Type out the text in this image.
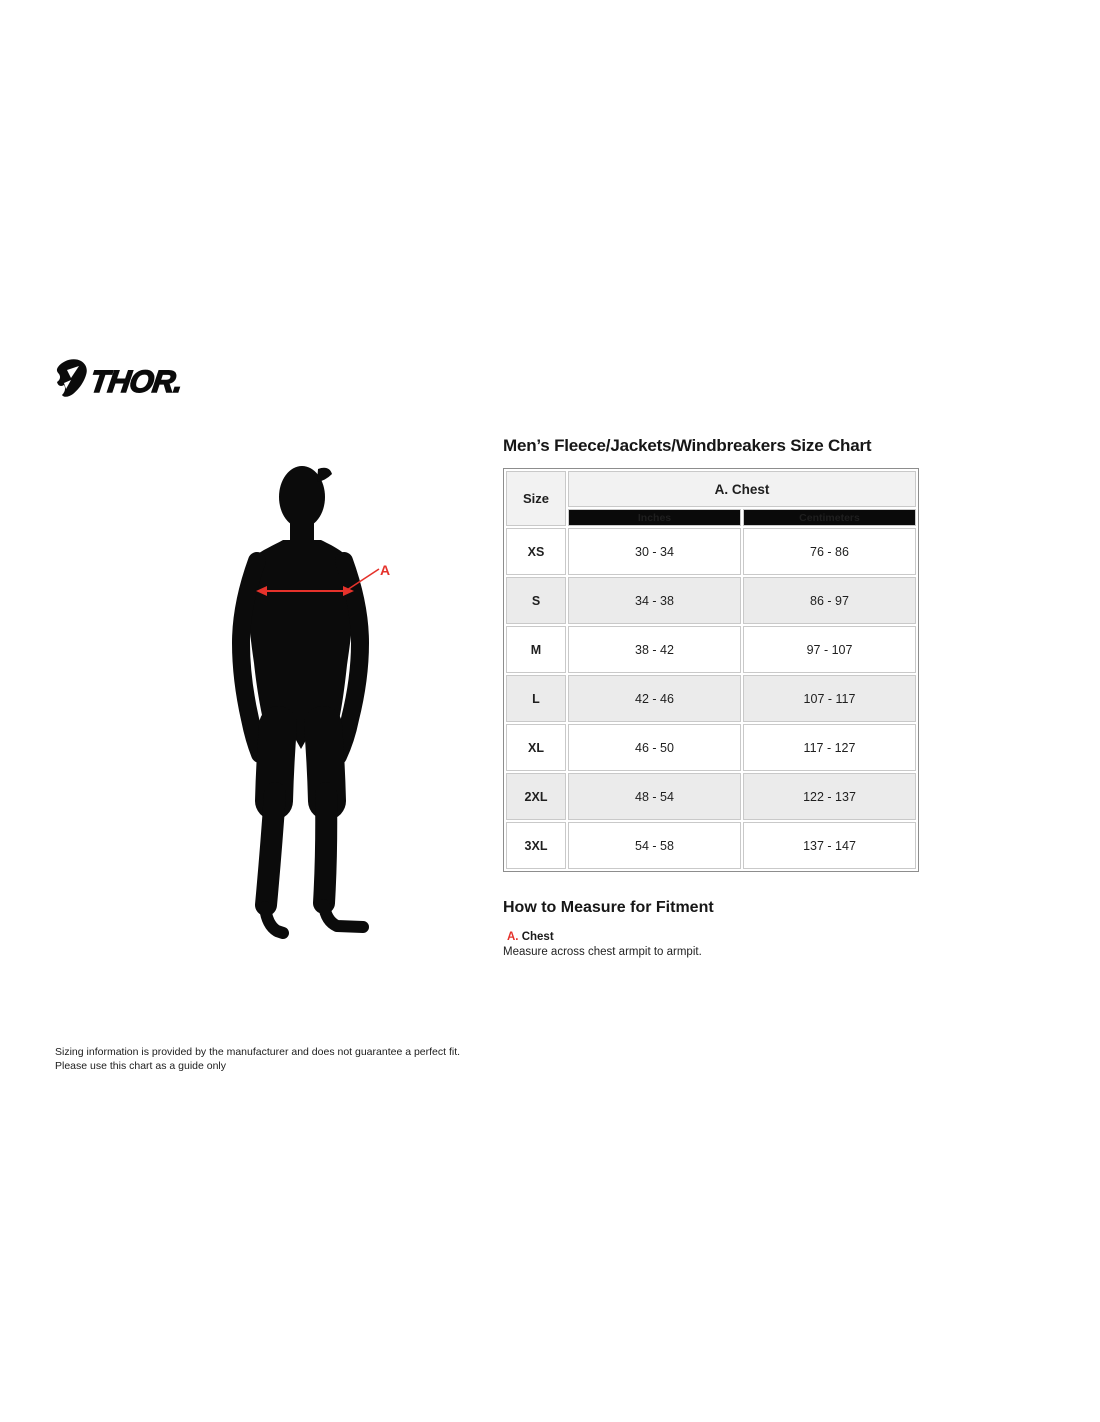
THOR.
A
Men’s Fleece/Jackets/Windbreakers Size Chart
Size	A. Chest	
	Inches	Centimeters
XS	30 - 34	76 - 86
S	34 - 38	86 - 97
M	38 - 42	97 - 107
L	42 - 46	107 - 117
XL	46 - 50	117 - 127
2XL	48 - 54	122 - 137
3XL	54 - 58	137 - 147
How to Measure for Fitment
A. Chest
Measure across chest armpit to armpit.
Sizing information is provided by the manufacturer and does not guarantee a perfect fit.
Please use this chart as a guide only
